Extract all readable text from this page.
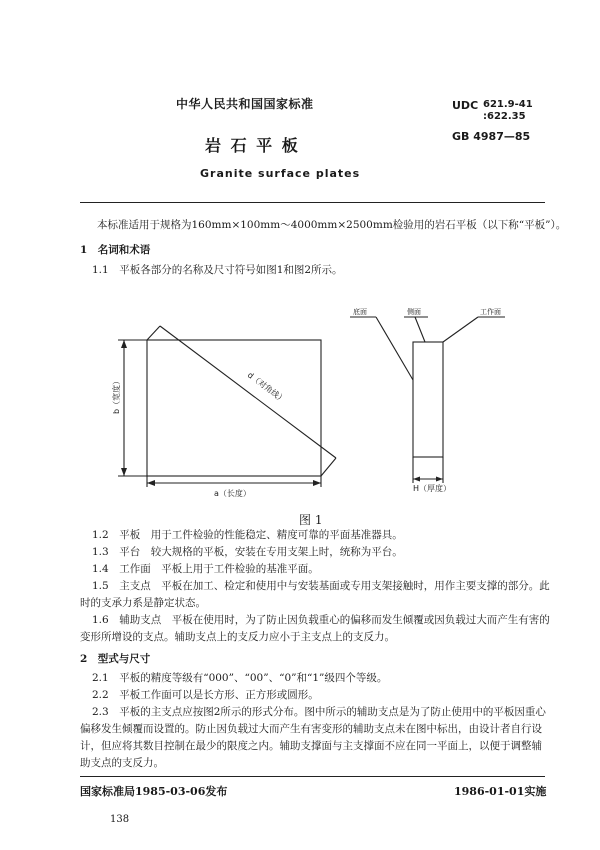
中华人民共和国国家标准	UDC 621.9-41
:622.35
GB 4987—85
岩 石 平 板
Granite surface plates
本标准适用于规格为160mm×100mm～4000mm×2500mm检验用的岩石平板（以下称“平板”）。
1　名词和术语
1.1　平板各部分的名称及尺寸符号如图1和图2所示。
d（对角线）
b（宽度）
a（长度）
H（厚度）
底面	侧面	工作面
图 1
1.2　平板　用于工件检验的性能稳定、精度可靠的平面基准器具。
1.3　平台　较大规格的平板，安装在专用支架上时，统称为平台。
1.4　工作面　平板上用于工件检验的基准平面。
1.5　主支点　平板在加工、检定和使用中与安装基面或专用支架接触时，用作主要支撑的部分。此
时的支承力系是静定状态。
1.6　辅助支点　平板在使用时，为了防止因负载重心的偏移而发生倾覆或因负载过大而产生有害的
变形所增设的支点。辅助支点上的支反力应小于主支点上的支反力。
2　型式与尺寸
2.1　平板的精度等级有“000”、“00”、“0”和“1”级四个等级。
2.2　平板工作面可以是长方形、正方形或圆形。
2.3　平板的主支点应按图2所示的形式分布。图中所示的辅助支点是为了防止使用中的平板因重心
偏移发生倾覆而设置的。防止因负载过大而产生有害变形的辅助支点未在图中标出，由设计者自行设
计，但应将其数目控制在最少的限度之内。辅助支撑面与主支撑面不应在同一平面上，以便于调整辅
助支点的支反力。
国家标准局1985-03-06发布	1986-01-01实施
138
